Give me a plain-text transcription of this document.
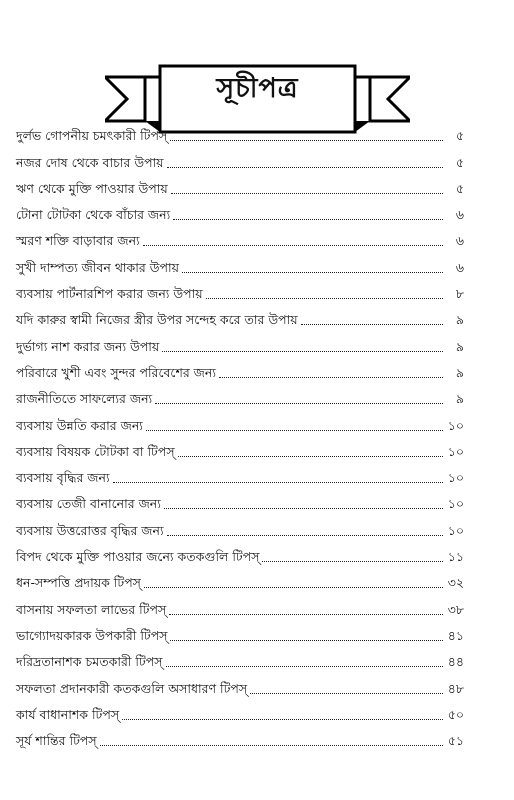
সূচীপত্র
দুর্লভ গোপনীয় চমৎকারী টিপস্	৫
নজর দোষ থেকে বাচার উপায়	৫
ঋণ থেকে মুক্তি পাওয়ার উপায়	৫
টোনা টোটকা থেকে বাঁচার জন্য	৬
স্মরণ শক্তি বাড়াবার জন্য	৬
সুখী দাম্পত্য জীবন থাকার উপায়	৬
ব্যবসায় পার্টনারশিপ করার জন্য উপায়	৮
যদি কারুর স্বামী নিজের স্ত্রীর উপর সন্দেহ করে তার উপায়	৯
দুর্ভাগ্য নাশ করার জন্য উপায়	৯
পরিবারে খুশী এবং সুন্দর পরিবেশের জন্য	৯
রাজনীতিতে সাফল্যের জন্য	৯
ব্যবসায় উন্নতি করার জন্য	১০
ব্যবসায় বিষয়ক টোটকা বা টিপস্	১০
ব্যবসায় বৃদ্ধির জন্য	১০
ব্যবসায় তেজী বানানোর জন্য	১০
ব্যবসায় উত্তরোত্তর বৃদ্ধির জন্য	১০
বিপদ থেকে মুক্তি পাওয়ার জন্যে কতকগুলি টিপস্	১১
ধন-সম্পত্তি প্রদায়ক টিপস্	৩২
বাসনায় সফলতা লাভের টিপস্	৩৮
ভাগ্যোদয়কারক উপকারী টিপস্	৪১
দরিদ্রতানাশক চমতকারী টিপস্	৪৪
সফলতা প্রদানকারী কতকগুলি অসাধারণ টিপস্	৪৮
কার্য বাধানাশক টিপস্	৫০
সূর্য শান্তির টিপস্	৫১
